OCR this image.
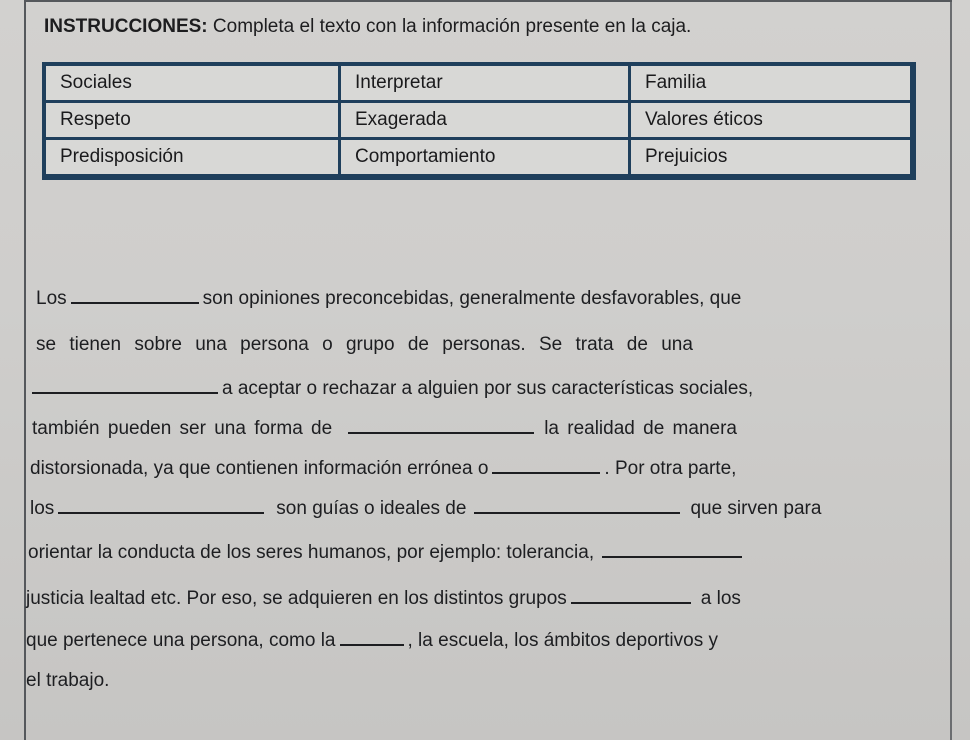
INSTRUCCIONES: Completa el texto con la información presente en la caja.
Sociales	Interpretar	Familia
Respeto	Exagerada	Valores éticos
Predisposición	Comportamiento	Prejuicios
Los	son opiniones preconcebidas, generalmente desfavorables, que
se tienen sobre una persona o grupo de personas. Se trata de una
a aceptar o rechazar a alguien por sus características sociales,
también pueden ser una forma de	la realidad de manera
distorsionada, ya que contienen información errónea o	. Por otra parte,
los	son guías o ideales de	que sirven para
orientar la conducta de los seres humanos, por ejemplo: tolerancia,
justicia lealtad etc. Por eso, se adquieren en los distintos grupos	a los
que pertenece una persona, como la	, la escuela, los ámbitos deportivos y
el trabajo.
